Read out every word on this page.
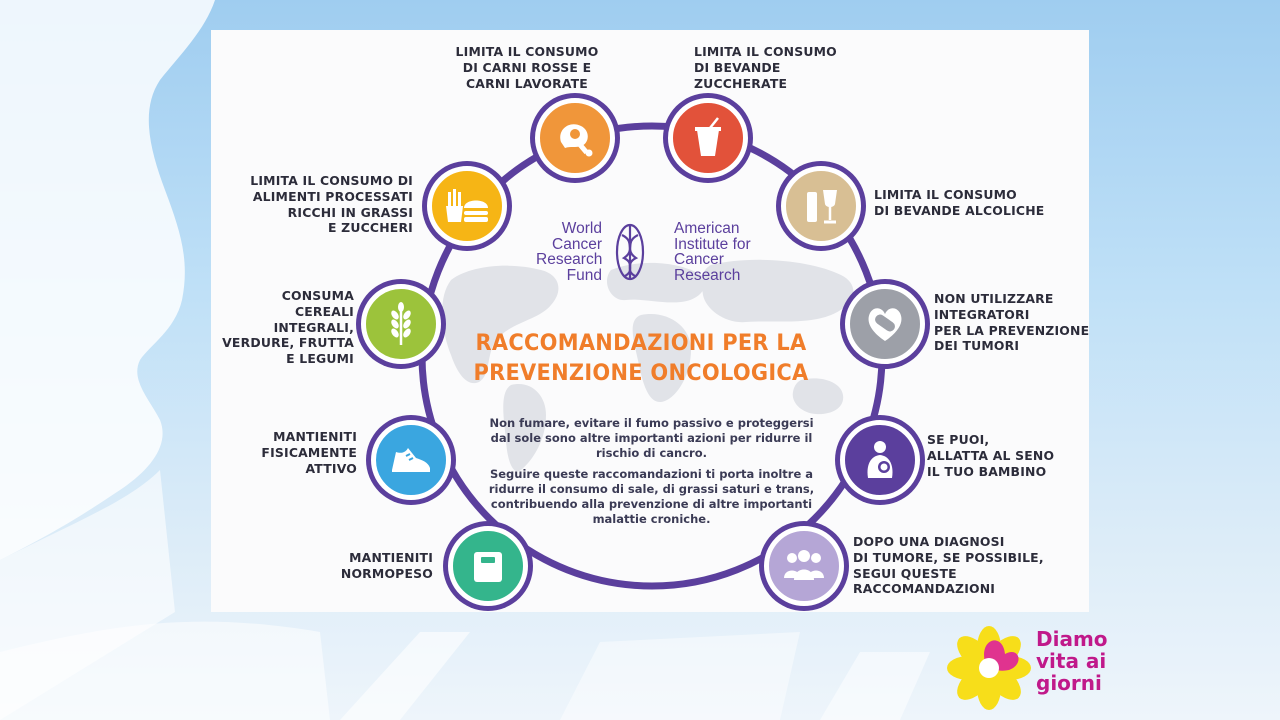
World
Cancer
Research
Fund
American
Institute for
Cancer
Research
RACCOMANDAZIONI PER LA
PREVENZIONE ONCOLOGICA

Non fumare, evitare il fumo passivo e proteggersi dal sole sono altre importanti azioni per ridurre il rischio di cancro.

Seguire queste raccomandazioni ti porta inoltre a ridurre il consumo di sale, di grassi saturi e trans, contribuendo alla prevenzione di altre importanti malattie croniche.

LIMITA IL CONSUMO
DI CARNI ROSSE E
CARNI LAVORATE

LIMITA IL CONSUMO
DI BEVANDE
ZUCCHERATE

LIMITA IL CONSUMO
DI BEVANDE ALCOLICHE

NON UTILIZZARE
INTEGRATORI
PER LA PREVENZIONE
DEI TUMORI

SE PUOI,
ALLATTA AL SENO
IL TUO BAMBINO

DOPO UNA DIAGNOSI
DI TUMORE, SE POSSIBILE,
SEGUI QUESTE
RACCOMANDAZIONI

MANTIENITI
NORMOPESO

MANTIENITI
FISICAMENTE
ATTIVO

CONSUMA
CEREALI INTEGRALI,
VERDURE, FRUTTA
E LEGUMI

LIMITA IL CONSUMO DI
ALIMENTI PROCESSATI
RICCHI IN GRASSI
E ZUCCHERI

Diamo
vita ai
giorni
